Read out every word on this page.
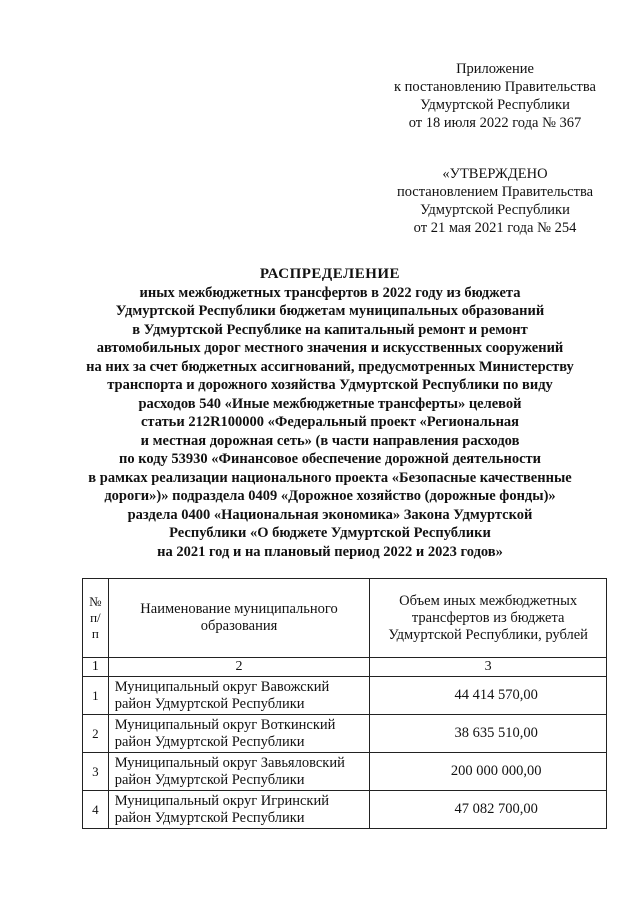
Приложение
к постановлению Правительства
Удмуртской Республики
от 18 июля 2022 года № 367
«УТВЕРЖДЕНО
постановлением Правительства
Удмуртской Республики
от 21 мая 2021 года № 254
РАСПРЕДЕЛЕНИЕ
иных межбюджетных трансфертов в 2022 году из бюджета
Удмуртской Республики бюджетам муниципальных образований
в Удмуртской Республике на капитальный ремонт и ремонт
автомобильных дорог местного значения и искусственных сооружений
на них за счет бюджетных ассигнований, предусмотренных Министерству
транспорта и дорожного хозяйства Удмуртской Республики по виду
расходов 540 «Иные межбюджетные трансферты» целевой
статьи 212R100000 «Федеральный проект «Региональная
и местная дорожная сеть» (в части направления расходов
по коду 53930 «Финансовое обеспечение дорожной деятельности
в рамках реализации национального проекта «Безопасные качественные
дороги»)» подраздела 0409 «Дорожное хозяйство (дорожные фонды)»
раздела 0400 «Национальная экономика» Закона Удмуртской
Республики «О бюджете Удмуртской Республики
на 2021 год и на плановый период 2022 и 2023 годов»
№
п/п	Наименование муниципального образования	Объем иных межбюджетных трансфертов из бюджета Удмуртской Республики, рублей
1	2	3
1	Муниципальный округ Вавожский район Удмуртской Республики	44 414 570,00
2	Муниципальный округ Воткинский район Удмуртской Республики	38 635 510,00
3	Муниципальный округ Завьяловский район Удмуртской Республики	200 000 000,00
4	Муниципальный округ Игринский район Удмуртской Республики	47 082 700,00
